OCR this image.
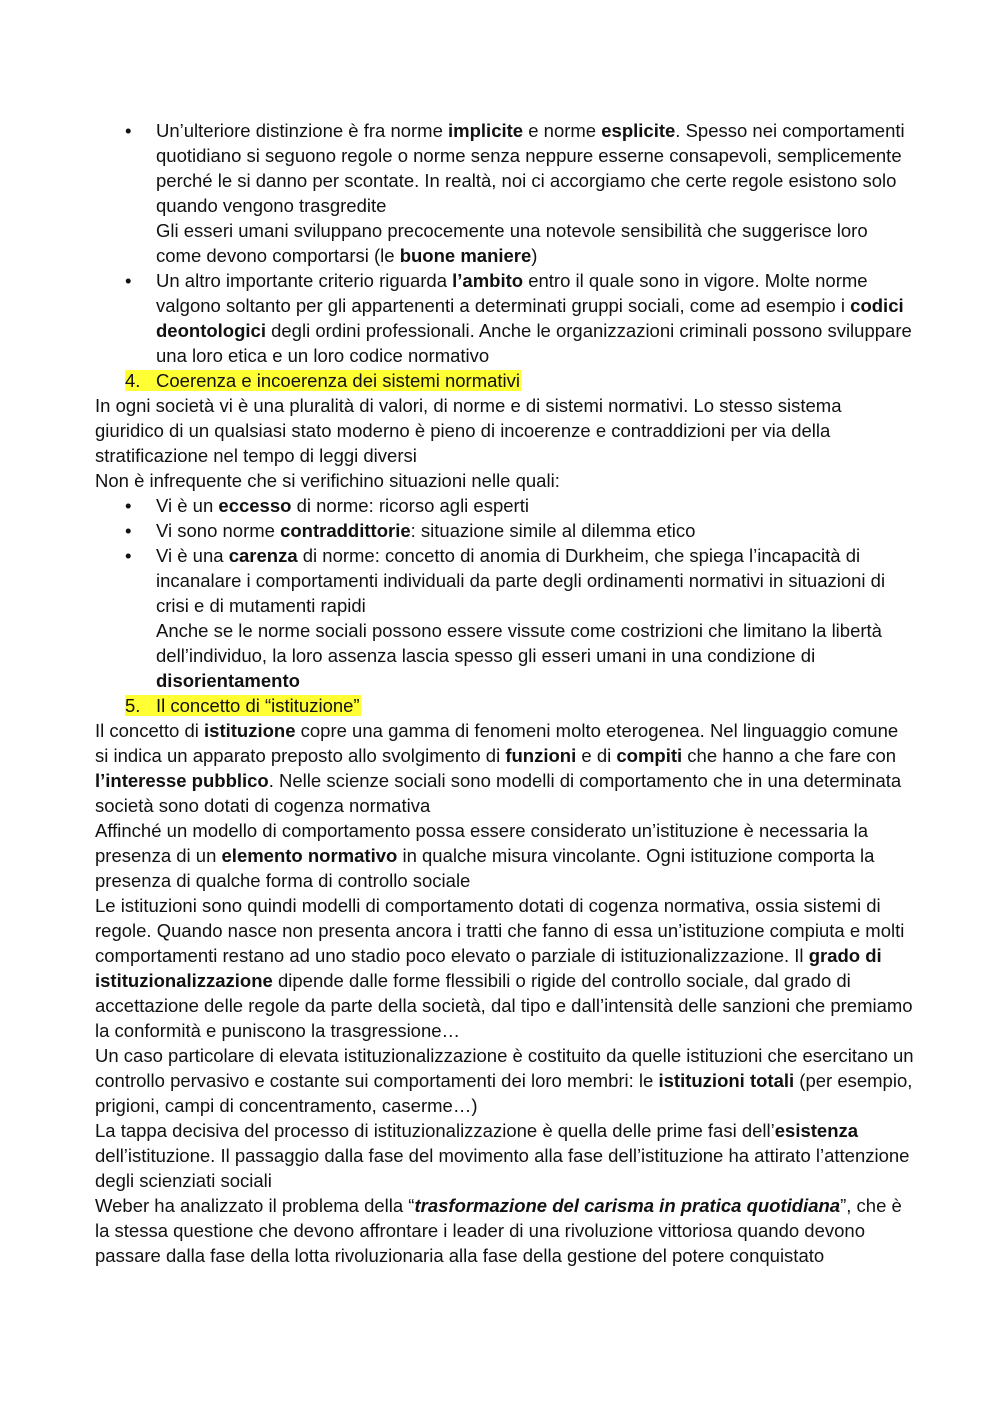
• Un’ulteriore distinzione è fra norme implicite e norme esplicite. Spesso nei comportamenti quotidiano si seguono regole o norme senza neppure esserne consapevoli, semplicemente perché le si danno per scontate. In realtà, noi ci accorgiamo che certe regole esistono solo quando vengono trasgredite
Gli esseri umani sviluppano precocemente una notevole sensibilità che suggerisce loro come devono comportarsi (le buone maniere)
• Un altro importante criterio riguarda l’ambito entro il quale sono in vigore. Molte norme valgono soltanto per gli appartenenti a determinati gruppi sociali, come ad esempio i codici deontologici degli ordini professionali. Anche le organizzazioni criminali possono sviluppare una loro etica e un loro codice normativo
4. Coerenza e incoerenza dei sistemi normativi

In ogni società vi è una pluralità di valori, di norme e di sistemi normativi. Lo stesso sistema giuridico di un qualsiasi stato moderno è pieno di incoerenze e contraddizioni per via della stratificazione nel tempo di leggi diversi

Non è infrequente che si verifichino situazioni nelle quali:

• Vi è un eccesso di norme: ricorso agli esperti
• Vi sono norme contraddittorie: situazione simile al dilemma etico
• Vi è una carenza di norme: concetto di anomia di Durkheim, che spiega l’incapacità di incanalare i comportamenti individuali da parte degli ordinamenti normativi in situazioni di crisi e di mutamenti rapidi
Anche se le norme sociali possono essere vissute come costrizioni che limitano la libertà dell’individuo, la loro assenza lascia spesso gli esseri umani in una condizione di disorientamento
5. Il concetto di “istituzione”

Il concetto di istituzione copre una gamma di fenomeni molto eterogenea. Nel linguaggio comune si indica un apparato preposto allo svolgimento di funzioni e di compiti che hanno a che fare con l’interesse pubblico. Nelle scienze sociali sono modelli di comportamento che in una determinata società sono dotati di cogenza normativa

Affinché un modello di comportamento possa essere considerato un’istituzione è necessaria la presenza di un elemento normativo in qualche misura vincolante. Ogni istituzione comporta la presenza di qualche forma di controllo sociale

Le istituzioni sono quindi modelli di comportamento dotati di cogenza normativa, ossia sistemi di regole. Quando nasce non presenta ancora i tratti che fanno di essa un’istituzione compiuta e molti comportamenti restano ad uno stadio poco elevato o parziale di istituzionalizzazione. Il grado di istituzionalizzazione dipende dalle forme flessibili o rigide del controllo sociale, dal grado di accettazione delle regole da parte della società, dal tipo e dall’intensità delle sanzioni che premiamo la conformità e puniscono la trasgressione…

Un caso particolare di elevata istituzionalizzazione è costituito da quelle istituzioni che esercitano un controllo pervasivo e costante sui comportamenti dei loro membri: le istituzioni totali (per esempio, prigioni, campi di concentramento, caserme…)

La tappa decisiva del processo di istituzionalizzazione è quella delle prime fasi dell’esistenza dell’istituzione. Il passaggio dalla fase del movimento alla fase dell’istituzione ha attirato l’attenzione degli scienziati sociali

Weber ha analizzato il problema della “trasformazione del carisma in pratica quotidiana”, che è la stessa questione che devono affrontare i leader di una rivoluzione vittoriosa quando devono passare dalla fase della lotta rivoluzionaria alla fase della gestione del potere conquistato
